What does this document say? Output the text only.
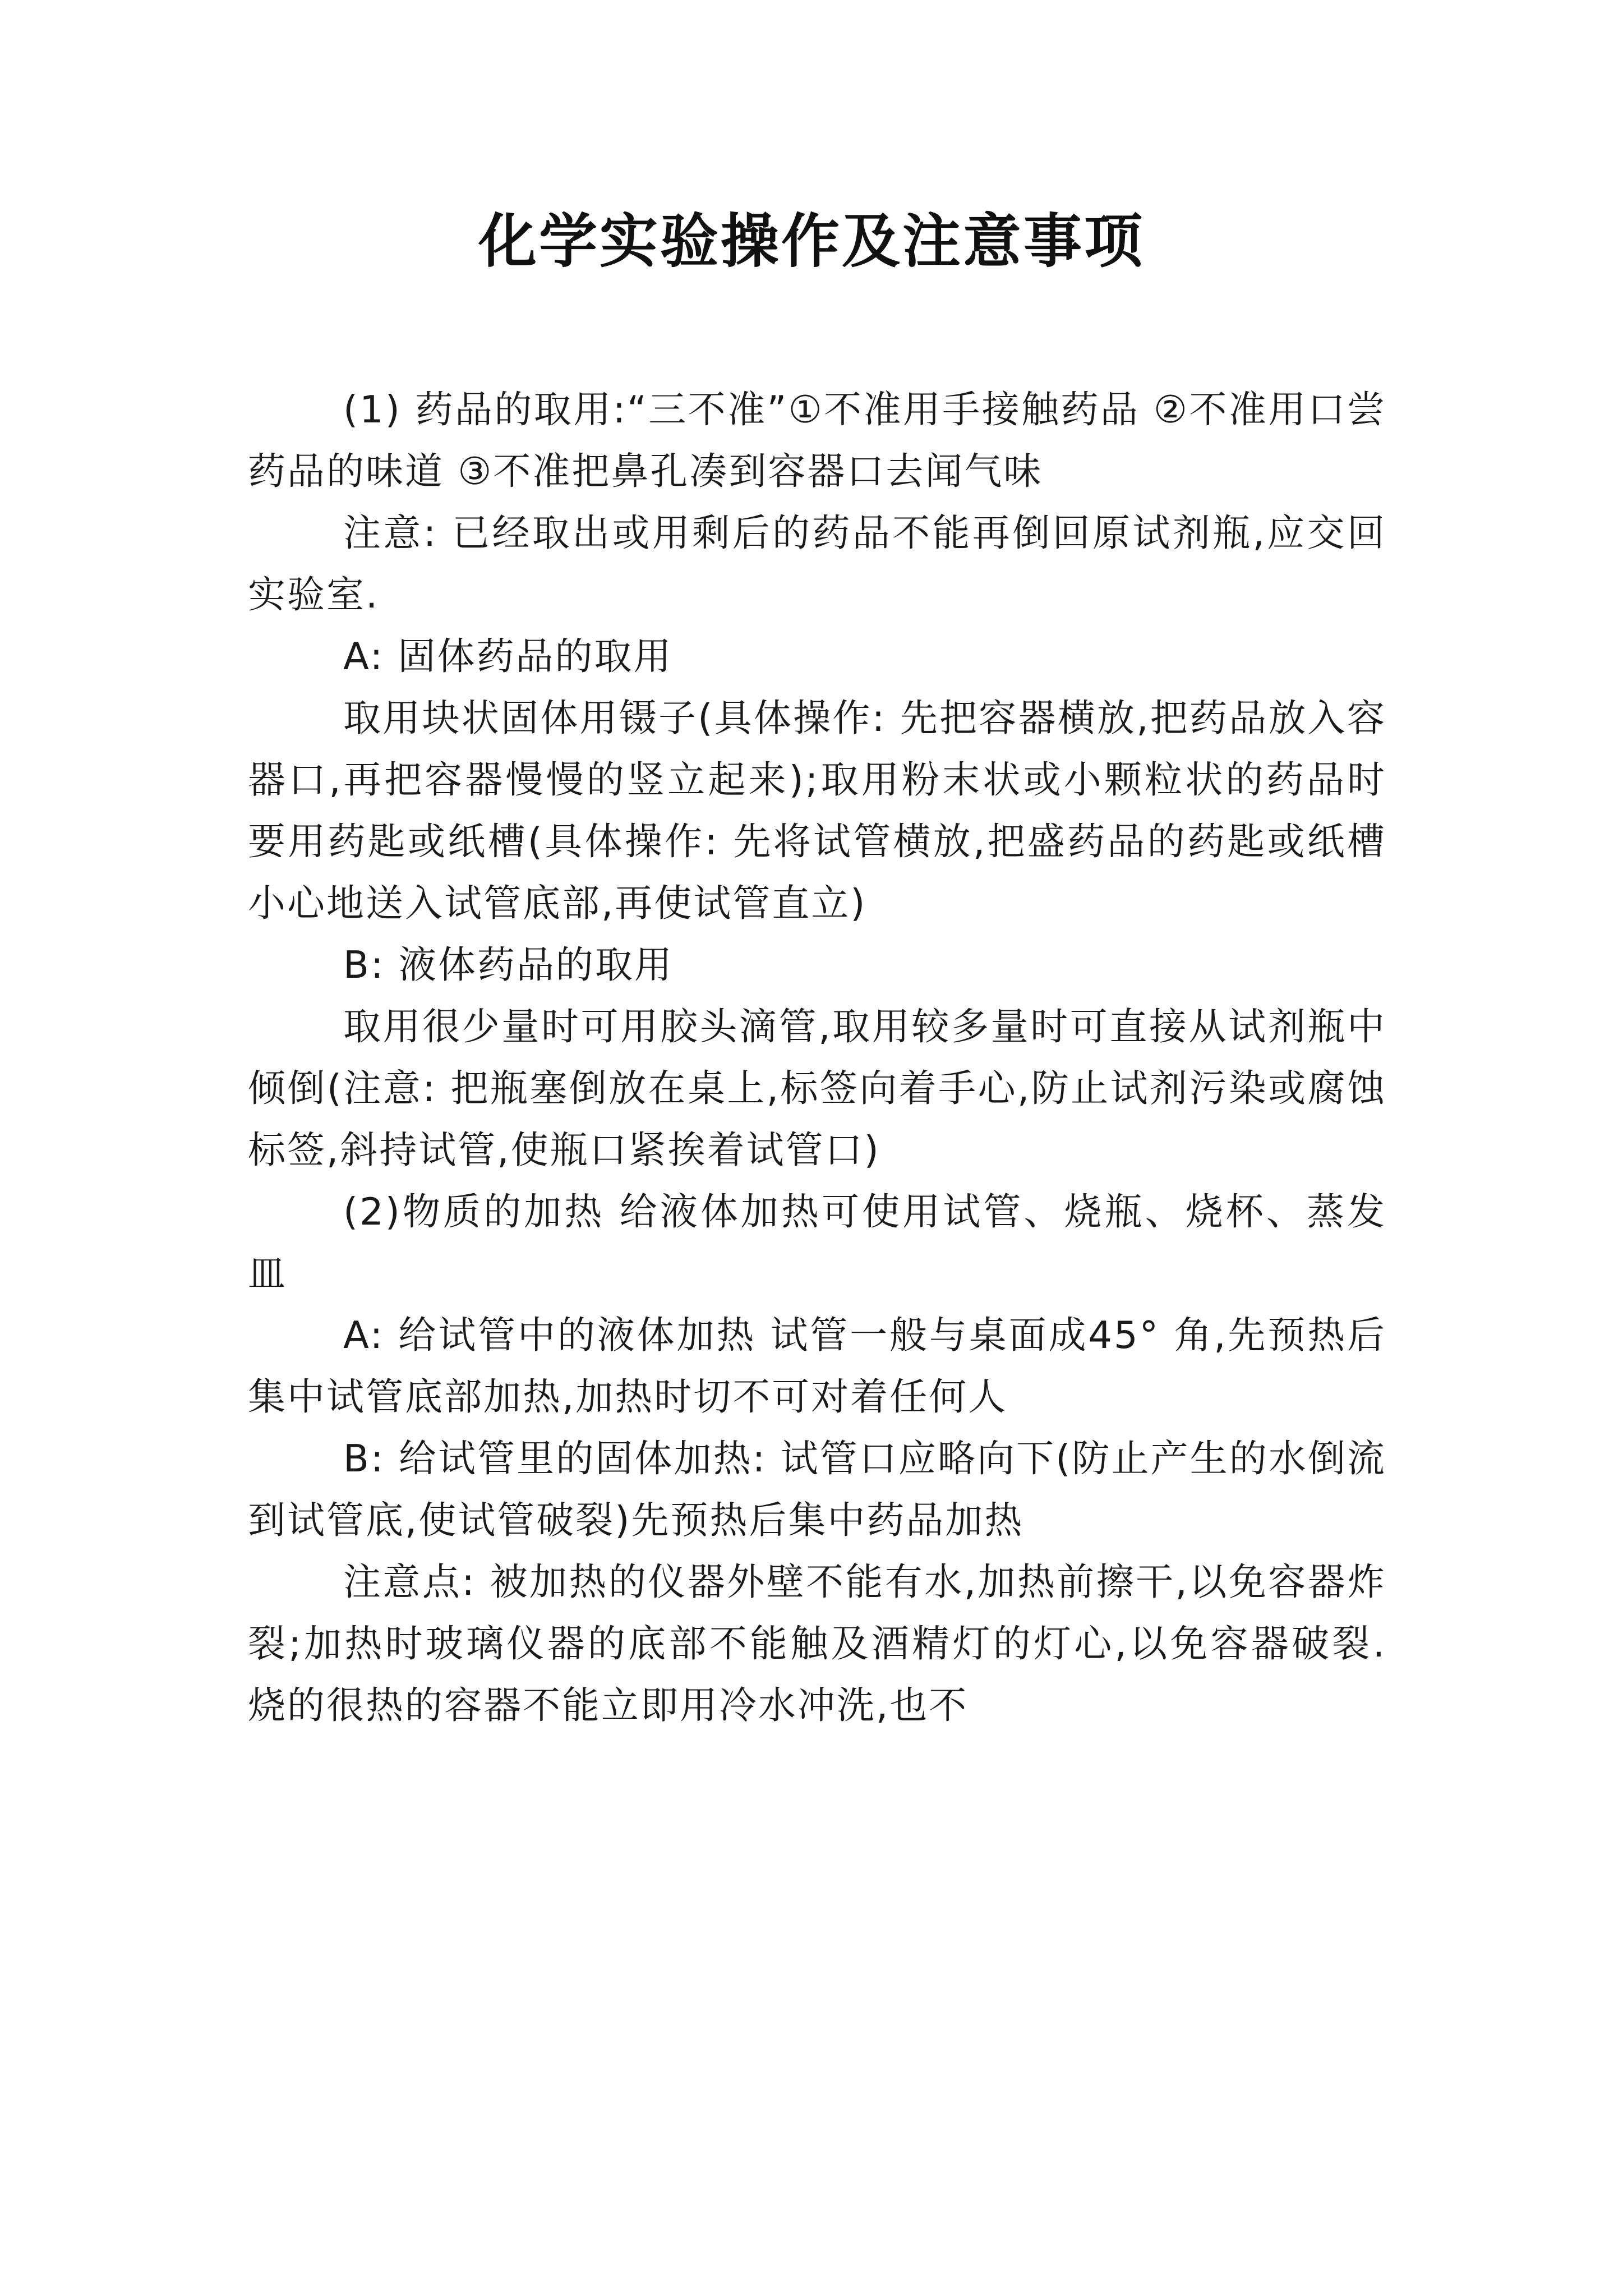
化学实验操作及注意事项

(1) 药品的取用:“三不准”①不准用手接触药品 ②不准用口尝药品的味道 ③不准把鼻孔凑到容器口去闻气味

注意: 已经取出或用剩后的药品不能再倒回原试剂瓶,应交回实验室.

A: 固体药品的取用

取用块状固体用镊子(具体操作: 先把容器横放,把药品放入容器口,再把容器慢慢的竖立起来);取用粉末状或小颗粒状的药品时要用药匙或纸槽(具体操作: 先将试管横放,把盛药品的药匙或纸槽小心地送入试管底部,再使试管直立)

B: 液体药品的取用

取用很少量时可用胶头滴管,取用较多量时可直接从试剂瓶中倾倒(注意: 把瓶塞倒放在桌上,标签向着手心,防止试剂污染或腐蚀标签,斜持试管,使瓶口紧挨着试管口)

(2)物质的加热 给液体加热可使用试管、烧瓶、烧杯、蒸发皿

A: 给试管中的液体加热 试管一般与桌面成45° 角,先预热后集中试管底部加热,加热时切不可对着任何人

B: 给试管里的固体加热: 试管口应略向下(防止产生的水倒流到试管底,使试管破裂)先预热后集中药品加热

注意点: 被加热的仪器外壁不能有水,加热前擦干,以免容器炸裂;加热时玻璃仪器的底部不能触及酒精灯的灯心,以免容器破裂.烧的很热的容器不能立即用冷水冲洗,也不
